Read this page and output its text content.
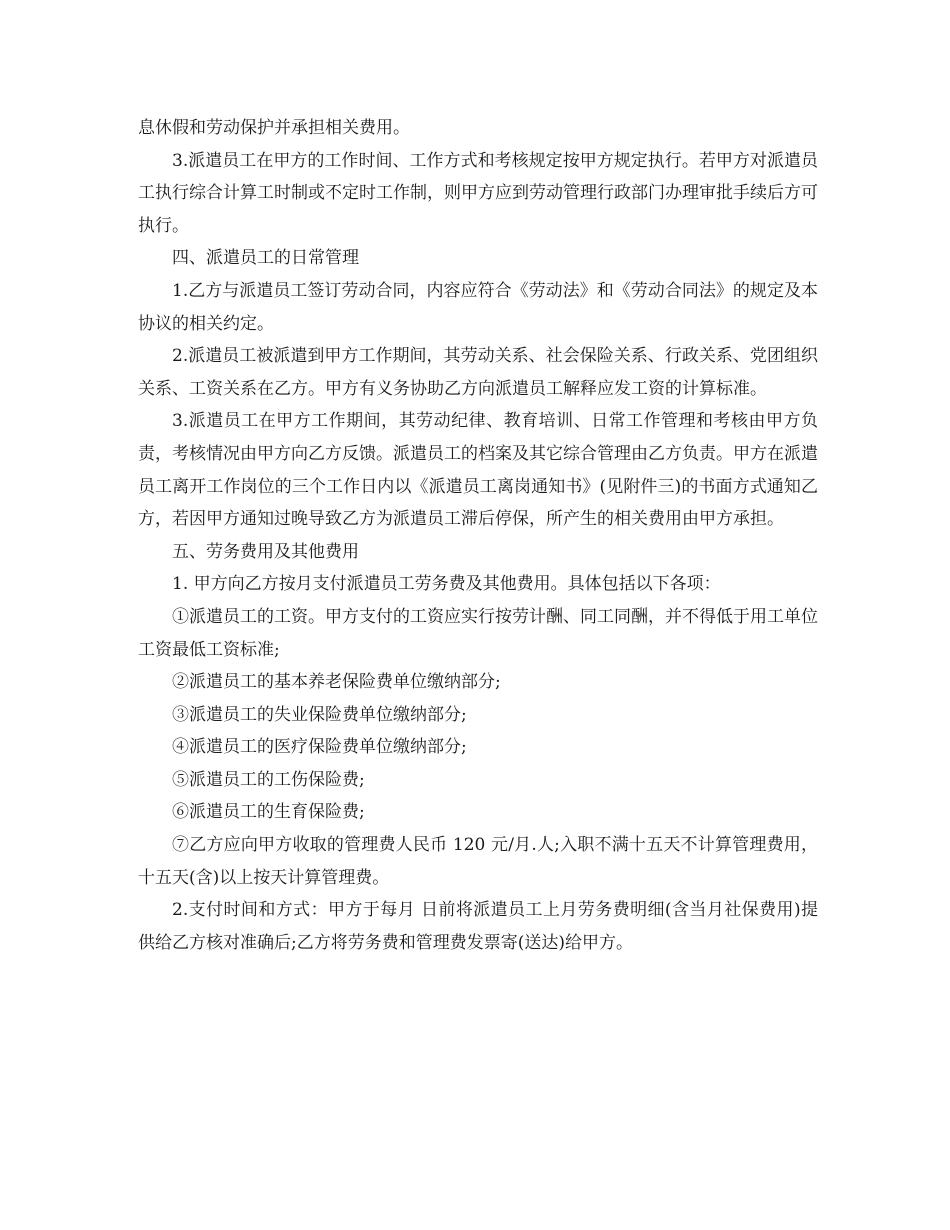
息休假和劳动保护并承担相关费用。

3.派遣员工在甲方的工作时间、工作方式和考核规定按甲方规定执行。若甲方对派遣员工执行综合计算工时制或不定时工作制，则甲方应到劳动管理行政部门办理审批手续后方可执行。

四、派遣员工的日常管理

1.乙方与派遣员工签订劳动合同，内容应符合《劳动法》和《劳动合同法》的规定及本协议的相关约定。

2.派遣员工被派遣到甲方工作期间，其劳动关系、社会保险关系、行政关系、党团组织关系、工资关系在乙方。甲方有义务协助乙方向派遣员工解释应发工资的计算标准。

3.派遣员工在甲方工作期间，其劳动纪律、教育培训、日常工作管理和考核由甲方负责，考核情况由甲方向乙方反馈。派遣员工的档案及其它综合管理由乙方负责。甲方在派遣员工离开工作岗位的三个工作日内以《派遣员工离岗通知书》(见附件三)的书面方式通知乙方，若因甲方通知过晚导致乙方为派遣员工滞后停保，所产生的相关费用由甲方承担。

五、劳务费用及其他费用

1. 甲方向乙方按月支付派遣员工劳务费及其他费用。具体包括以下各项：

①派遣员工的工资。甲方支付的工资应实行按劳计酬、同工同酬，并不得低于用工单位工资最低工资标准;

②派遣员工的基本养老保险费单位缴纳部分;

③派遣员工的失业保险费单位缴纳部分;

④派遣员工的医疗保险费单位缴纳部分;

⑤派遣员工的工伤保险费;

⑥派遣员工的生育保险费;

⑦乙方应向甲方收取的管理费人民币 120 元/月.人;入职不满十五天不计算管理费用，十五天(含)以上按天计算管理费。

2.支付时间和方式：甲方于每月 日前将派遣员工上月劳务费明细(含当月社保费用)提供给乙方核对准确后;乙方将劳务费和管理费发票寄(送达)给甲方。
